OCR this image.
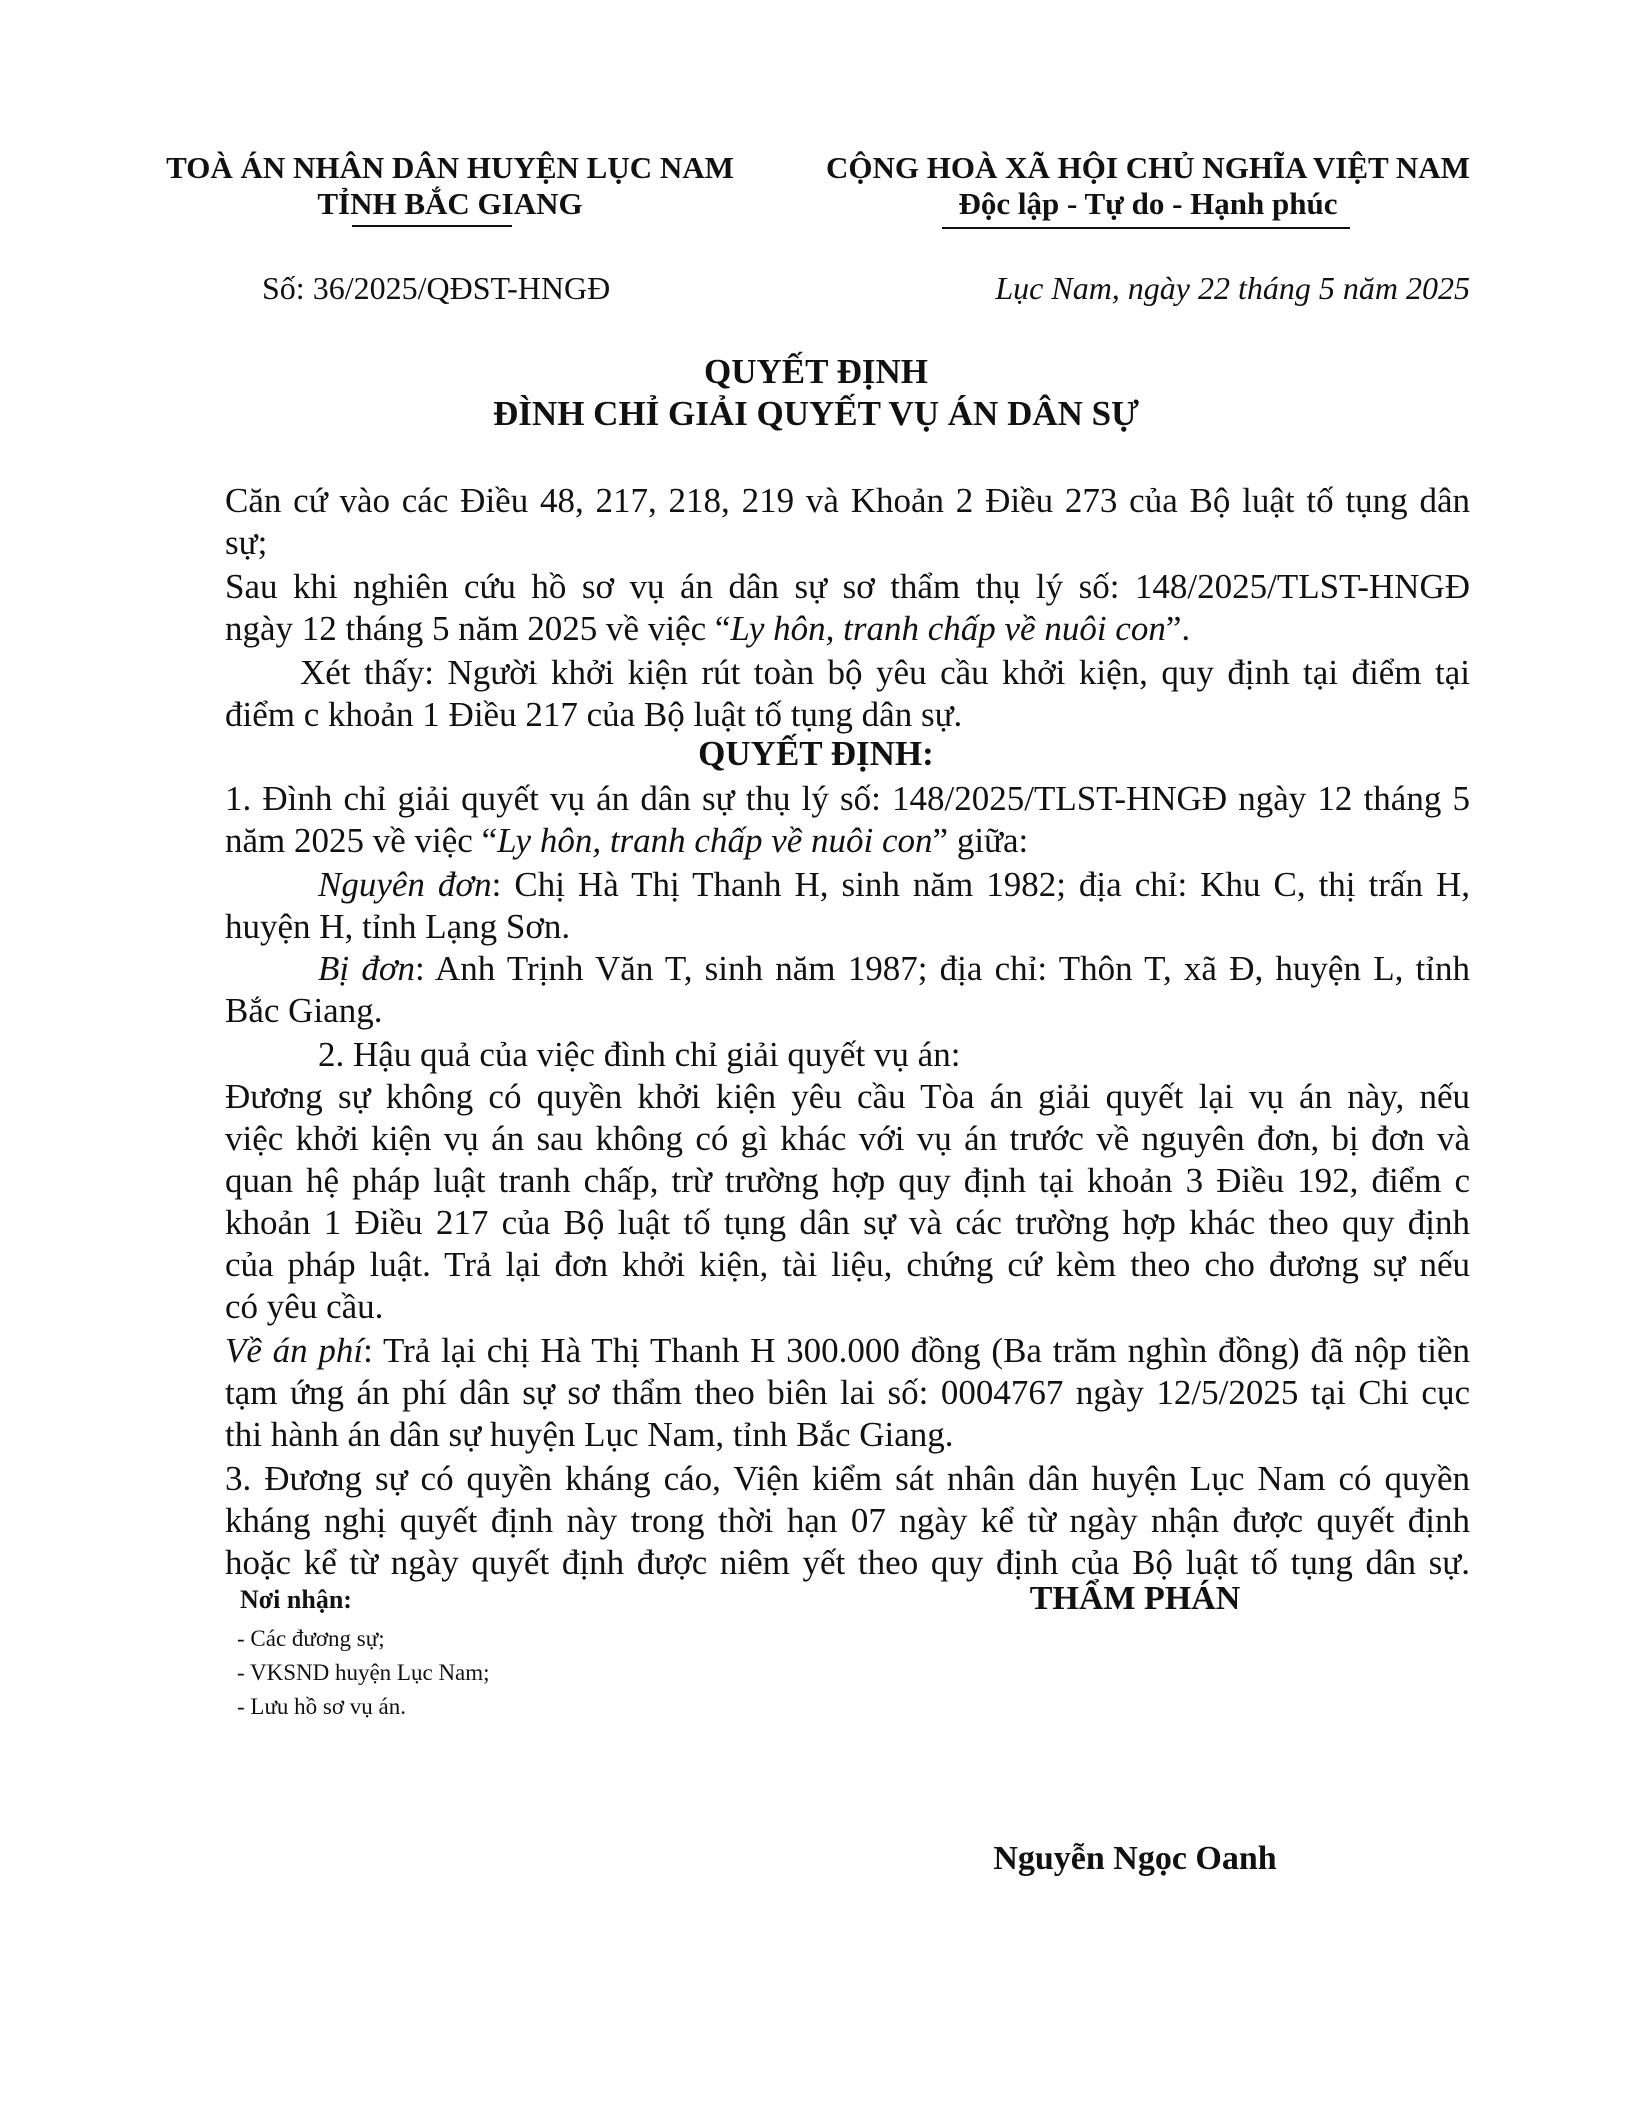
TOÀ ÁN NHÂN DÂN HUYỆN LỤC NAM
TỈNH BẮC GIANG
CỘNG HOÀ XÃ HỘI CHỦ NGHĨA VIỆT NAM
Độc lập - Tự do - Hạnh phúc
Số: 36/2025/QĐST-HNGĐ	Lục Nam, ngày 22 tháng 5 năm 2025
QUYẾT ĐỊNH
ĐÌNH CHỈ GIẢI QUYẾT VỤ ÁN DÂN SỰ
Căn cứ vào các Điều 48, 217, 218, 219 và Khoản 2 Điều 273 của Bộ luật tố tụng dân
sự;
Sau khi nghiên cứu hồ sơ vụ án dân sự sơ thẩm thụ lý số: 148/2025/TLST-HNGĐ
ngày 12 tháng 5 năm 2025 về việc “Ly hôn, tranh chấp về nuôi con”.
Xét thấy: Người khởi kiện rút toàn bộ yêu cầu khởi kiện, quy định tại điểm tại
điểm c khoản 1 Điều 217 của Bộ luật tố tụng dân sự.
QUYẾT ĐỊNH:
1. Đình chỉ giải quyết vụ án dân sự thụ lý số: 148/2025/TLST-HNGĐ ngày 12 tháng 5
năm 2025 về việc “Ly hôn, tranh chấp về nuôi con” giữa:
Nguyên đơn: Chị Hà Thị Thanh H, sinh năm 1982; địa chỉ: Khu C, thị trấn H,
huyện H, tỉnh Lạng Sơn.
Bị đơn: Anh Trịnh Văn T, sinh năm 1987; địa chỉ: Thôn T, xã Đ, huyện L, tỉnh
Bắc Giang.
2. Hậu quả của việc đình chỉ giải quyết vụ án:
Đương sự không có quyền khởi kiện yêu cầu Tòa án giải quyết lại vụ án này, nếu
việc khởi kiện vụ án sau không có gì khác với vụ án trước về nguyên đơn, bị đơn và
quan hệ pháp luật tranh chấp, trừ trường hợp quy định tại khoản 3 Điều 192, điểm c
khoản 1 Điều 217 của Bộ luật tố tụng dân sự và các trường hợp khác theo quy định
của pháp luật. Trả lại đơn khởi kiện, tài liệu, chứng cứ kèm theo cho đương sự nếu
có yêu cầu.
Về án phí: Trả lại chị Hà Thị Thanh H 300.000 đồng (Ba trăm nghìn đồng) đã nộp tiền
tạm ứng án phí dân sự sơ thẩm theo biên lai số: 0004767 ngày 12/5/2025 tại Chi cục
thi hành án dân sự huyện Lục Nam, tỉnh Bắc Giang.
3. Đương sự có quyền kháng cáo, Viện kiểm sát nhân dân huyện Lục Nam có quyền
kháng nghị quyết định này trong thời hạn 07 ngày kể từ ngày nhận được quyết định
hoặc kể từ ngày quyết định được niêm yết theo quy định của Bộ luật tố tụng dân sự.
Nơi nhận:
- Các đương sự;
- VKSND huyện Lục Nam;
- Lưu hồ sơ vụ án.
THẨM PHÁN
Nguyễn Ngọc Oanh
